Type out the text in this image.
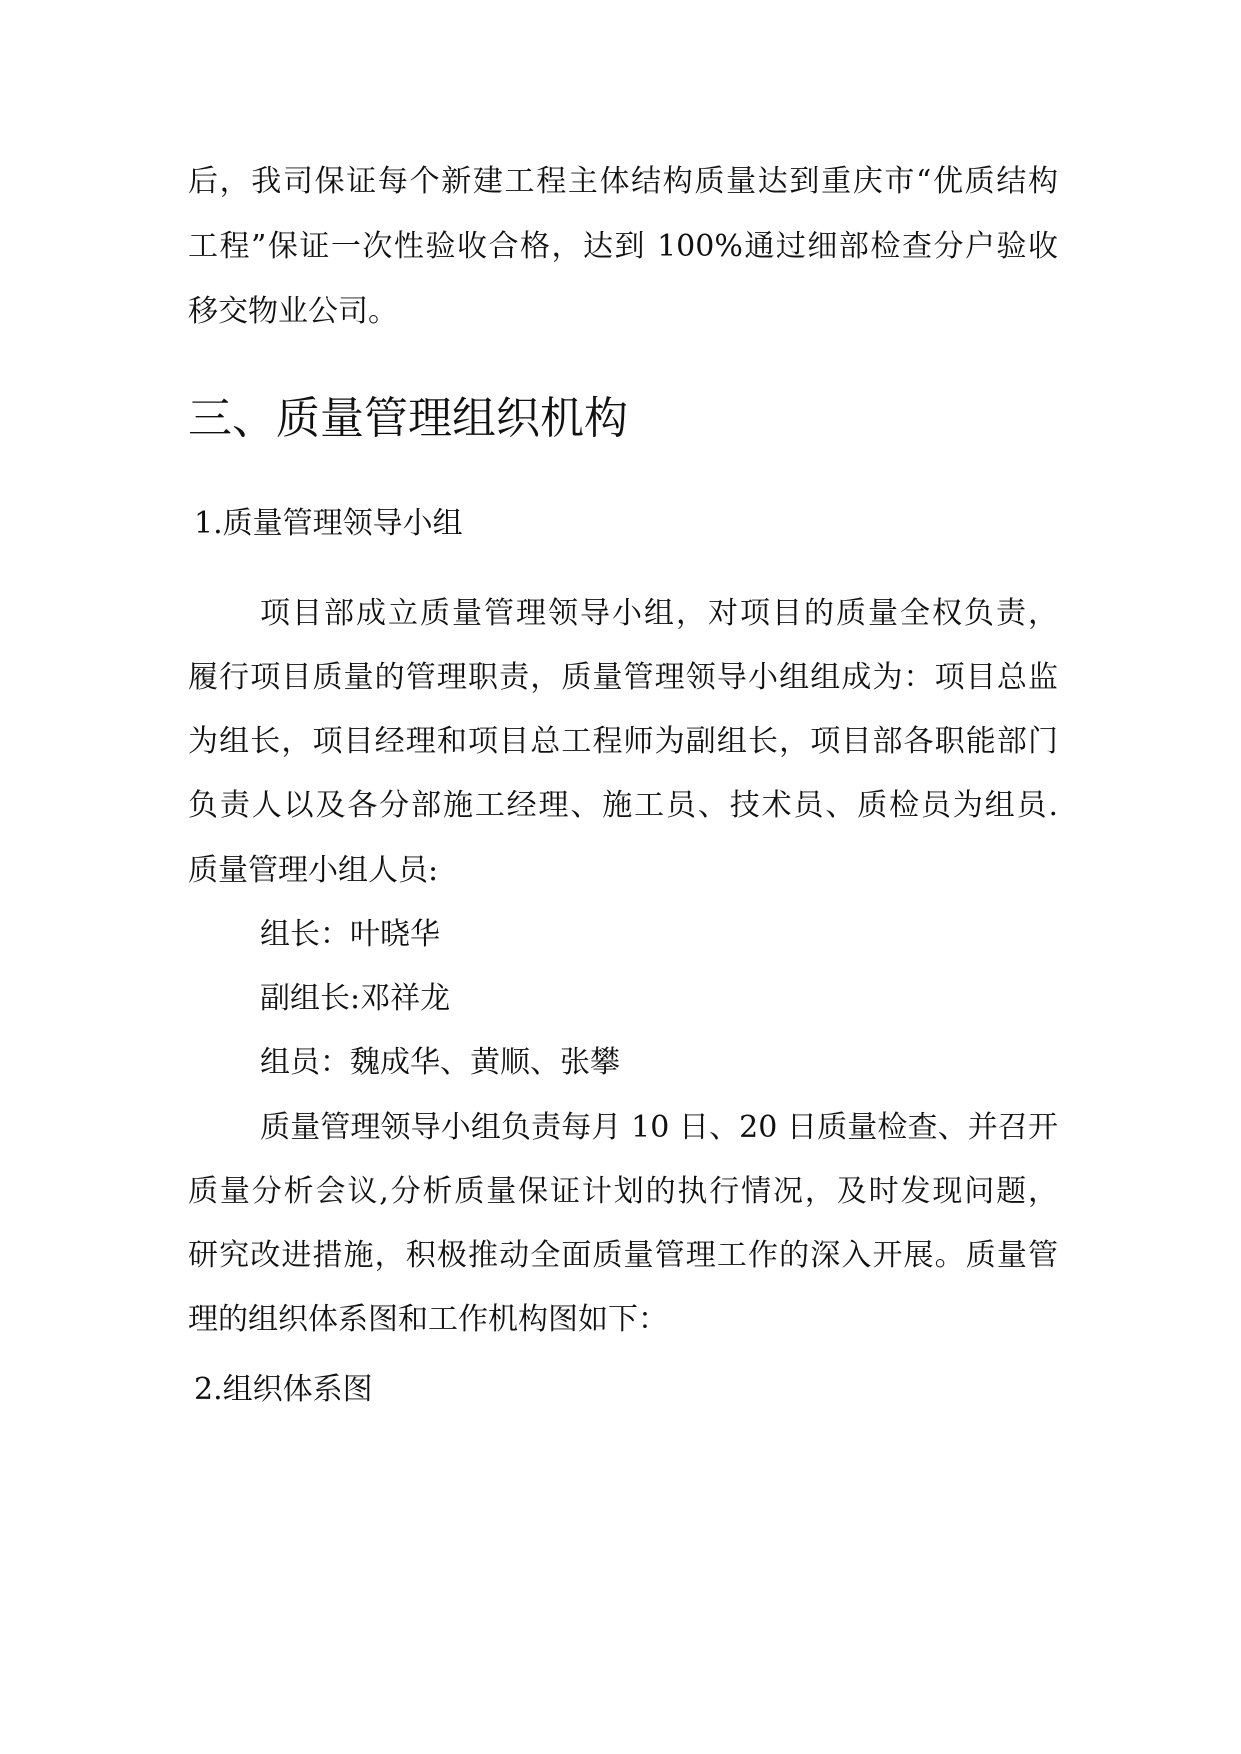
后，我司保证每个新建工程主体结构质量达到重庆市“优质结构
工程”保证一次性验收合格，达到 100%通过细部检查分户验收
移交物业公司。
三、质量管理组织机构
1.质量管理领导小组
项目部成立质量管理领导小组，对项目的质量全权负责，
履行项目质量的管理职责，质量管理领导小组组成为：项目总监
为组长，项目经理和项目总工程师为副组长，项目部各职能部门
负责人以及各分部施工经理、施工员、技术员、质检员为组员.
质量管理小组人员:
组长：叶晓华
副组长:邓祥龙
组员：魏成华、黄顺、张攀
质量管理领导小组负责每月 10 日、20 日质量检查、并召开
质量分析会议,分析质量保证计划的执行情况，及时发现问题，
研究改进措施，积极推动全面质量管理工作的深入开展。质量管
理的组织体系图和工作机构图如下：
2.组织体系图
